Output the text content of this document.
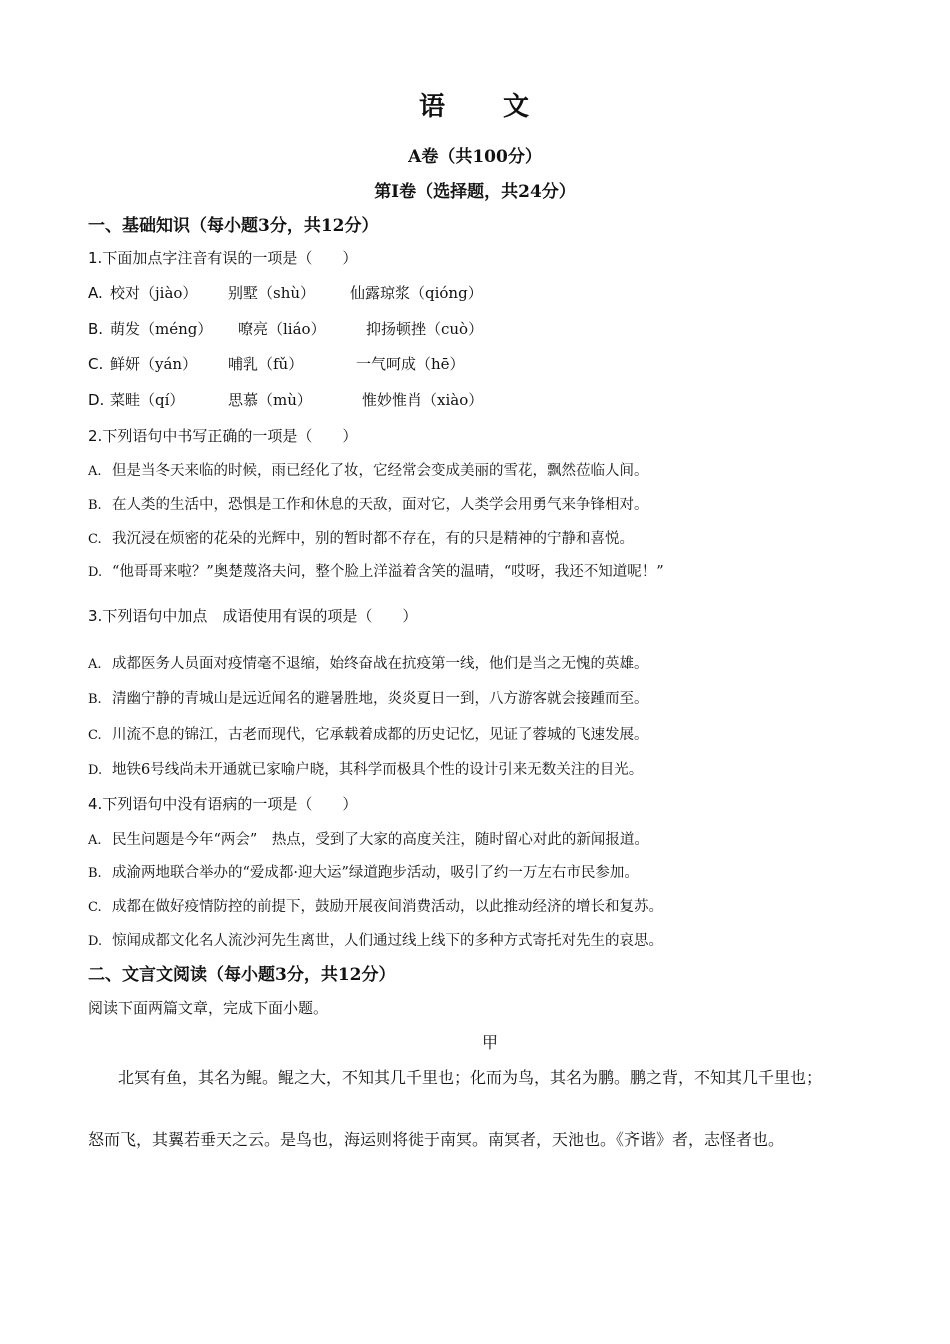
语　　文
A卷（共100分）
第Ⅰ卷（选择题，共24分）
一、基础知识（每小题3分，共12分）
1.下面加点字注音有误的一项是（　　）
A. 校对（jiào） 别墅（shù） 仙露琼浆（qióng）
B. 萌发（méng） 嘹亮（liáo）	抑扬顿挫（cuò）
C. 鲜妍（yán） 哺乳（fǔ）	一气呵成（hē）
D. 菜畦（qí）	思慕（mù）	惟妙惟肖（xiào）
2.下列语句中书写正确的一项是（　　）
A. 但是当冬天来临的时候，雨已经化了妆，它经常会变成美丽的雪花，飘然莅临人间。
B. 在人类的生活中，恐惧是工作和休息的天敌，面对它，人类学会用勇气来争锋相对。
C. 我沉浸在烦密的花朵的光辉中，别的暂时都不存在，有的只是精神的宁静和喜悦。
D. “他哥哥来啦？”奥楚蔑洛夫问，整个脸上洋溢着含笑的温晴，“哎呀，我还不知道呢！”
3.下列语句中加点　成语使用有误的项是（　　）
A. 成都医务人员面对疫情毫不退缩，始终奋战在抗疫第一线，他们是当之无愧的英雄。
B. 清幽宁静的青城山是远近闻名的避暑胜地，炎炎夏日一到，八方游客就会接踵而至。
C. 川流不息的锦江，古老而现代，它承载着成都的历史记忆，见证了蓉城的飞速发展。
D. 地铁6号线尚未开通就已家喻户晓，其科学而极具个性的设计引来无数关注的目光。
4.下列语句中没有语病的一项是（　　）
A. 民生问题是今年“两会”　热点，受到了大家的高度关注，随时留心对此的新闻报道。
B. 成渝两地联合举办的“爱成都·迎大运”绿道跑步活动，吸引了约一万左右市民参加。
C. 成都在做好疫情防控的前提下，鼓励开展夜间消费活动，以此推动经济的增长和复苏。
D. 惊闻成都文化名人流沙河先生离世，人们通过线上线下的多种方式寄托对先生的哀思。
二、文言文阅读（每小题3分，共12分）
阅读下面两篇文章，完成下面小题。
甲
北冥有鱼，其名为鲲。鲲之大，不知其几千里也；化而为鸟，其名为鹏。鹏之背，不知其几千里也；
怒而飞，其翼若垂天之云。是鸟也，海运则将徙于南冥。南冥者，天池也。《齐谐》者，志怪者也。
